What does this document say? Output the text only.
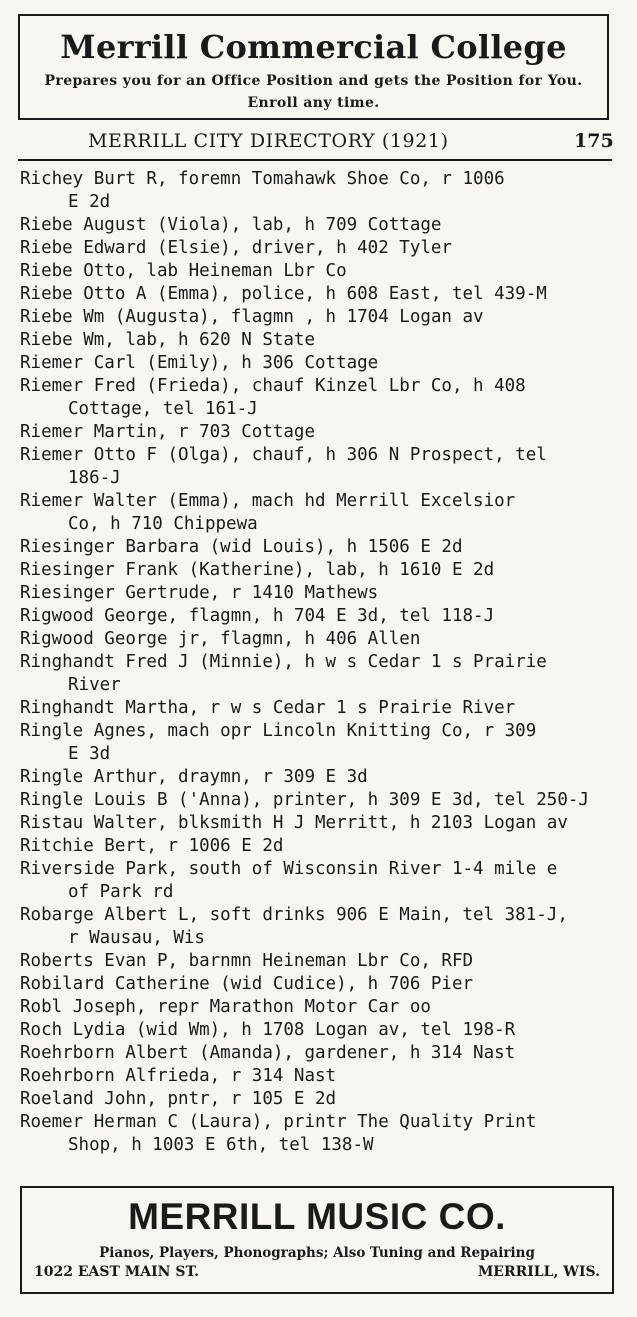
Merrill Commercial College
Prepares you for an Office Position and gets the Position for You. Enroll any time.
MERRILL CITY DIRECTORY (1921)	175
Richey Burt R, foremn Tomahawk Shoe Co, r 1006
E 2d
Riebe August (Viola), lab, h 709 Cottage
Riebe Edward (Elsie), driver, h 402 Tyler
Riebe Otto, lab Heineman Lbr Co
Riebe Otto A (Emma), police, h 608 East, tel 439-M
Riebe Wm (Augusta), flagmn , h 1704 Logan av
Riebe Wm, lab, h 620 N State
Riemer Carl (Emily), h 306 Cottage
Riemer Fred (Frieda), chauf Kinzel Lbr Co, h 408
Cottage, tel 161-J
Riemer Martin, r 703 Cottage
Riemer Otto F (Olga), chauf, h 306 N Prospect, tel
186-J
Riemer Walter (Emma), mach hd Merrill Excelsior
Co, h 710 Chippewa
Riesinger Barbara (wid Louis), h 1506 E 2d
Riesinger Frank (Katherine), lab, h 1610 E 2d
Riesinger Gertrude, r 1410 Mathews
Rigwood George, flagmn, h 704 E 3d, tel 118-J
Rigwood George jr, flagmn, h 406 Allen
Ringhandt Fred J (Minnie), h w s Cedar 1 s Prairie
River
Ringhandt Martha, r w s Cedar 1 s Prairie River
Ringle Agnes, mach opr Lincoln Knitting Co, r 309
E 3d
Ringle Arthur, draymn, r 309 E 3d
Ringle Louis B ('Anna), printer, h 309 E 3d, tel 250-J
Ristau Walter, blksmith H J Merritt, h 2103 Logan av
Ritchie Bert, r 1006 E 2d
Riverside Park, south of Wisconsin River 1-4 mile e
of Park rd
Robarge Albert L, soft drinks 906 E Main, tel 381-J,
r Wausau, Wis
Roberts Evan P, barnmn Heineman Lbr Co, RFD
Robilard Catherine (wid Cudice), h 706 Pier
Robl Joseph, repr Marathon Motor Car oo
Roch Lydia (wid Wm), h 1708 Logan av, tel 198-R
Roehrborn Albert (Amanda), gardener, h 314 Nast
Roehrborn Alfrieda, r 314 Nast
Roeland John, pntr, r 105 E 2d
Roemer Herman C (Laura), printr The Quality Print
Shop, h 1003 E 6th, tel 138-W
MERRILL MUSIC CO.
Pianos, Players, Phonographs; Also Tuning and Repairing
1022 EAST MAIN ST.	MERRILL, WIS.
